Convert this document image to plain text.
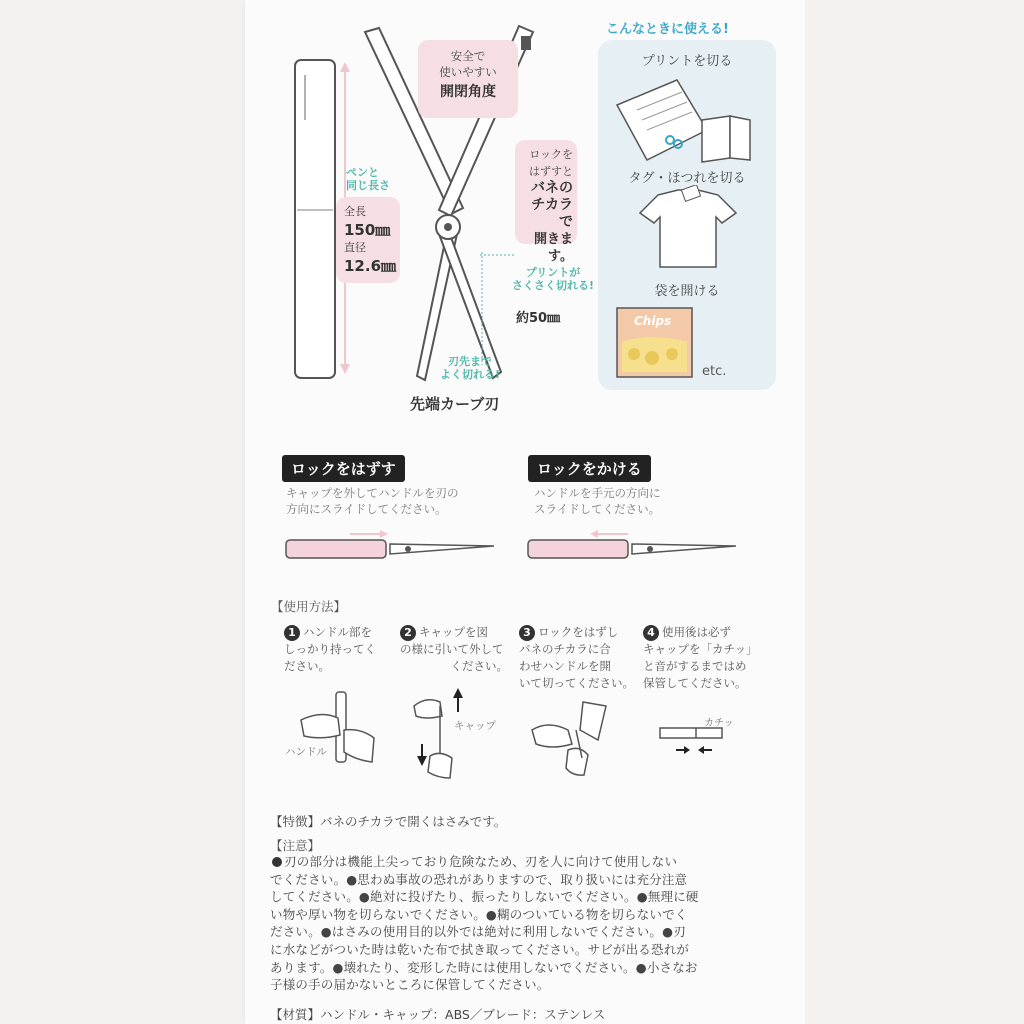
安全で
使いやすい
開閉角度
ペンと
同じ長さ
全長
150㎜
直径
12.6㎜
ロックを
はずすと
バネの
チカラで
開きます。
プリントが
さくさく切れる!
約50㎜
刃先まで
よく切れる!
先端カーブ刃
こんなときに使える!
プリントを切る
タグ・ほつれを切る
袋を開ける
Chips
etc.
ロックをはずす
キャップを外してハンドルを刃の
方向にスライドしてください。
ロックをかける
ハンドルを手元の方向に
スライドしてください。
【使用方法】
1 ハンドル部を
しっかり持ってく
ださい。
2 キャップを図
の様に引いて外して
ください。
3 ロックをはずし
バネのチカラに合
わせハンドルを開
いて切ってください。
4 使用後は必ず
キャップを「カチッ」
と音がするまではめ
保管してください。
ハンドル
キャップ	カチッ
【特徴】バネのチカラで開くはさみです。
【注意】
刃の部分は機能上尖っており危険なため、刃を人に向けて使用しない
でください。●思わぬ事故の恐れがありますので、取り扱いには充分注意
してください。●絶対に投げたり、振ったりしないでください。●無理に硬
い物や厚い物を切らないでください。●糊のついている物を切らないでく
ださい。●はさみの使用目的以外では絶対に利用しないでください。●刃
に水などがついた時は乾いた布で拭き取ってください。サビが出る恐れが
あります。●壊れたり、変形した時には使用しないでください。●小さなお
子様の手の届かないところに保管してください。
【材質】ハンドル・キャップ：ABS／ブレード：ステンレス
